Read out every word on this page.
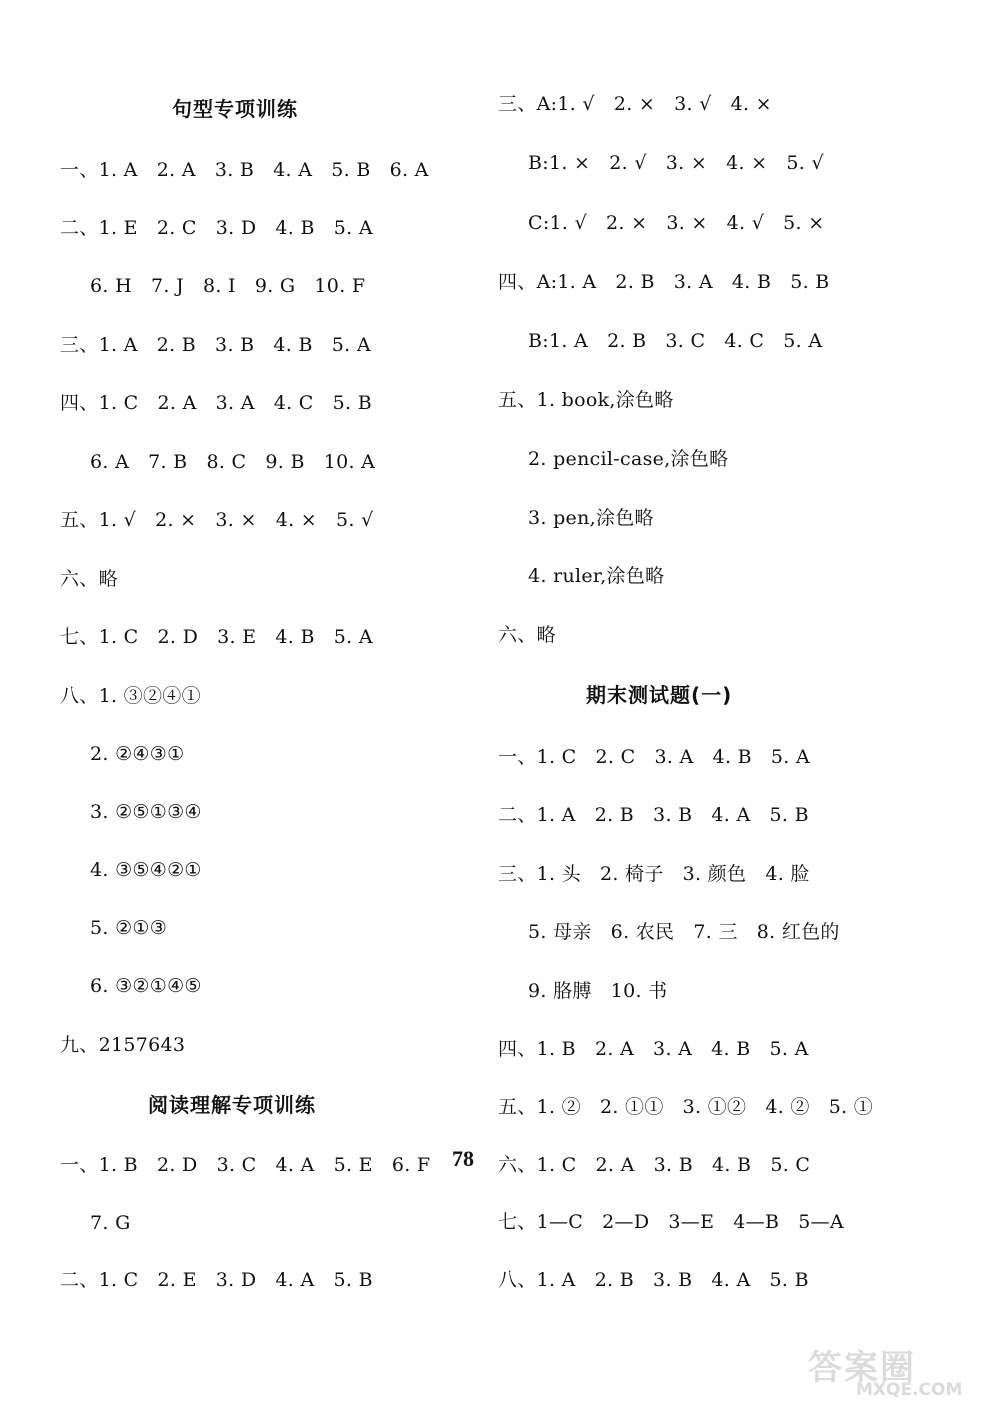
句型专项训练
一、1. A   2. A   3. B   4. A   5. B   6. A
二、1. E   2. C   3. D   4. B   5. A
6. H   7. J   8. I   9. G   10. F
三、1. A   2. B   3. B   4. B   5. A
四、1. C   2. A   3. A   4. C   5. B
6. A   7. B   8. C   9. B   10. A
五、1. √   2. ×   3. ×   4. ×   5. √
六、略
七、1. C   2. D   3. E   4. B   5. A
八、1. ③②④①
2. ②④③①
3. ②⑤①③④
4. ③⑤④②①
5. ②①③
6. ③②①④⑤
九、2157643
阅读理解专项训练
一、1. B   2. D   3. C   4. A   5. E   6. F
7. G
二、1. C   2. E   3. D   4. A   5. B
三、A:1. √   2. ×   3. √   4. ×
B:1. ×   2. √   3. ×   4. ×   5. √
C:1. √   2. ×   3. ×   4. √   5. ×
四、A:1. A   2. B   3. A   4. B   5. B
B:1. A   2. B   3. C   4. C   5. A
五、1. book,涂色略
2. pencil-case,涂色略
3. pen,涂色略
4. ruler,涂色略
六、略
期末测试题(一)
一、1. C   2. C   3. A   4. B   5. A
二、1. A   2. B   3. B   4. A   5. B
三、1. 头   2. 椅子   3. 颜色   4. 脸
5. 母亲   6. 农民   7. 三   8. 红色的
9. 胳膊   10. 书
四、1. B   2. A   3. A   4. B   5. A
五、1. ②   2. ①①   3. ①②   4. ②   5. ①
六、1. C   2. A   3. B   4. B   5. C
七、1—C   2—D   3—E   4—B   5—A
八、1. A   2. B   3. B   4. A   5. B
78
答案圈
MXQE.COM
